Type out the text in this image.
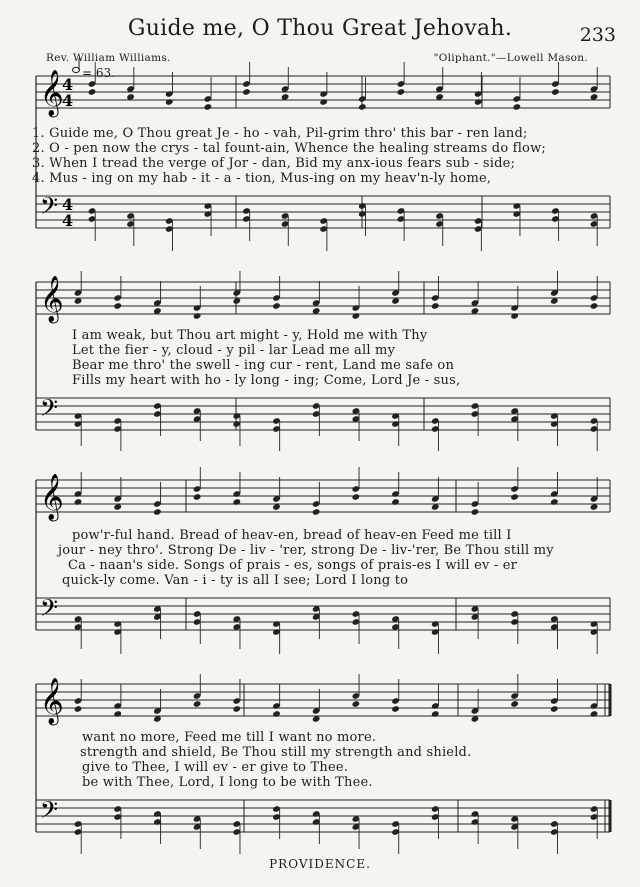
Guide me, O Thou Great Jehovah.	233
Rev. William Williams.	"Oliphant."—Lowell Mason.
= 63.
𝄞
𝄢
𝄞
𝄢
𝄞
𝄢
𝄞
𝄢
4
4
4
4
1. Guide me, O Thou great Je - ho - vah, Pil-grim thro' this bar - ren land;
2. O - pen now the crys - tal fount-ain, Whence the healing streams do flow;
3. When I tread the verge of Jor - dan, Bid my anx-ious fears sub - side;
4. Mus - ing on my hab - it - a - tion, Mus-ing on my heav'n-ly home,
I am weak, but Thou art might - y, Hold me with Thy
Let the fier - y, cloud - y pil - lar Lead me all my
Bear me thro' the swell - ing cur - rent, Land me safe on
Fills my heart with ho - ly long - ing; Come, Lord Je - sus,
pow'r-ful hand. Bread of heav-en, bread of heav-en Feed me till I
jour - ney thro'. Strong De - liv - 'rer, strong De - liv-'rer, Be Thou still my
Ca - naan's side. Songs of prais - es, songs of prais-es I will ev - er
quick-ly come. Van - i - ty is all I see; Lord I long to
want no more, Feed me till I want no more.
strength and shield, Be Thou still my strength and shield.
give to Thee, I will ev - er give to Thee.
be with Thee, Lord, I long to be with Thee.
PROVIDENCE.
